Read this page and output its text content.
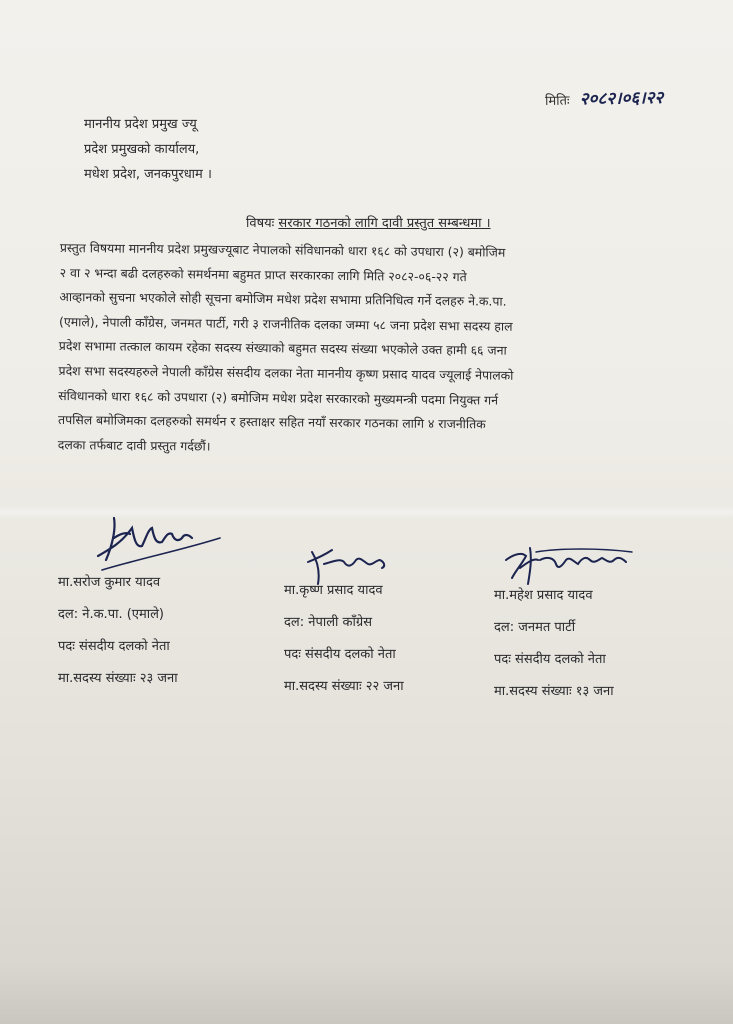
मितिः २०८२।०६।२२
माननीय प्रदेश प्रमुख ज्यू
प्रदेश प्रमुखको कार्यालय,
मधेश प्रदेश, जनकपुरधाम ।
विषयः सरकार गठनको लागि दावी प्रस्तुत सम्बन्धमा ।
प्रस्तुत विषयमा माननीय प्रदेश प्रमुखज्यूबाट नेपालको संविधानको धारा १६८ को उपधारा (२) बमोजिम
२ वा २ भन्दा बढी दलहरुको समर्थनमा बहुमत प्राप्त सरकारका लागि मिति २०८२-०६-२२ गते
आव्हानको सुचना भएकोले सोही सूचना बमोजिम मधेश प्रदेश सभामा प्रतिनिधित्व गर्ने दलहरु ने.क.पा.
(एमाले), नेपाली काँग्रेस, जनमत पार्टी, गरी ३ राजनीतिक दलका जम्मा ५८ जना प्रदेश सभा सदस्य हाल
प्रदेश सभामा तत्काल कायम रहेका सदस्य संख्याको बहुमत सदस्य संख्या भएकोले उक्त हामी ६६ जना
प्रदेश सभा सदस्यहरुले नेपाली काँग्रेस संसदीय दलका नेता माननीय कृष्ण प्रसाद यादव ज्यूलाई नेपालको
संविधानको धारा १६८ को उपधारा (२) बमोजिम मधेश प्रदेश सरकारको मुख्यमन्त्री पदमा नियुक्त गर्न
तपसिल बमोजिमका दलहरुको समर्थन र हस्ताक्षर सहित नयाँ सरकार गठनका लागि ४ राजनीतिक
दलका तर्फबाट दावी प्रस्तुत गर्दछौं।
मा.सरोज कुमार यादव
दल: ने.क.पा. (एमाले)
पदः संसदीय दलको नेता
मा.सदस्य संख्याः २३ जना
मा.कृष्ण प्रसाद यादव
दल: नेपाली काँग्रेस
पदः संसदीय दलको नेता
मा.सदस्य संख्याः २२ जना
मा.महेश प्रसाद यादव
दल: जनमत पार्टी
पदः संसदीय दलको नेता
मा.सदस्य संख्याः १३ जना
